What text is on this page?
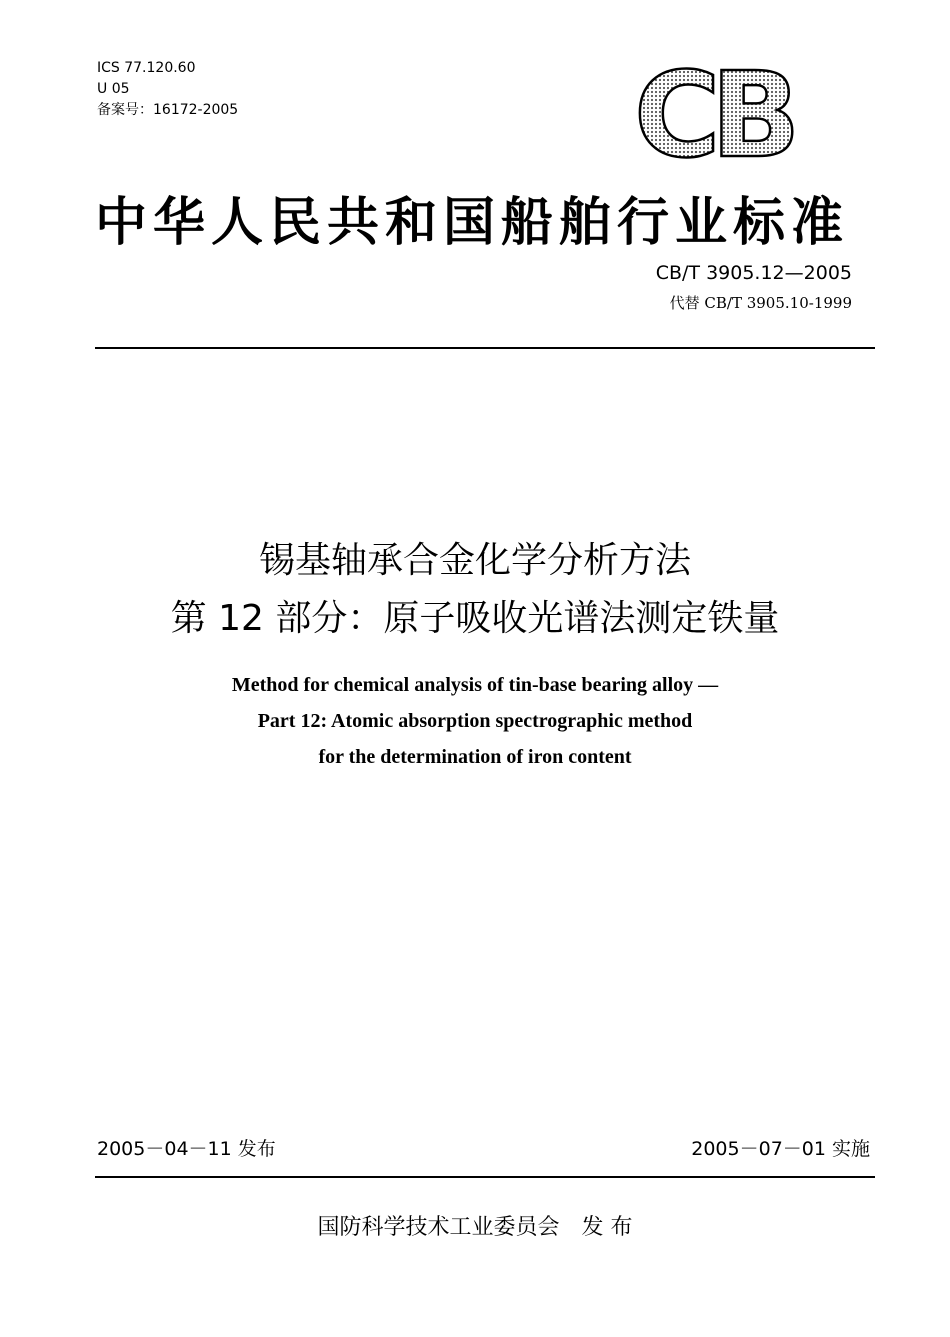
ICS 77.120.60
U 05
备案号：16172-2005	CB
中华人民共和国船舶行业标准
CB/T 3905.12—2005
代替 CB/T 3905.10-1999
锡基轴承合金化学分析方法
第 12 部分：原子吸收光谱法测定铁量
Method for chemical analysis of tin-base bearing alloy —
Part 12: Atomic absorption spectrographic method
for the determination of iron content
2005－04－11 发布	2005－07－01 实施
国防科学技术工业委员会 发 布
